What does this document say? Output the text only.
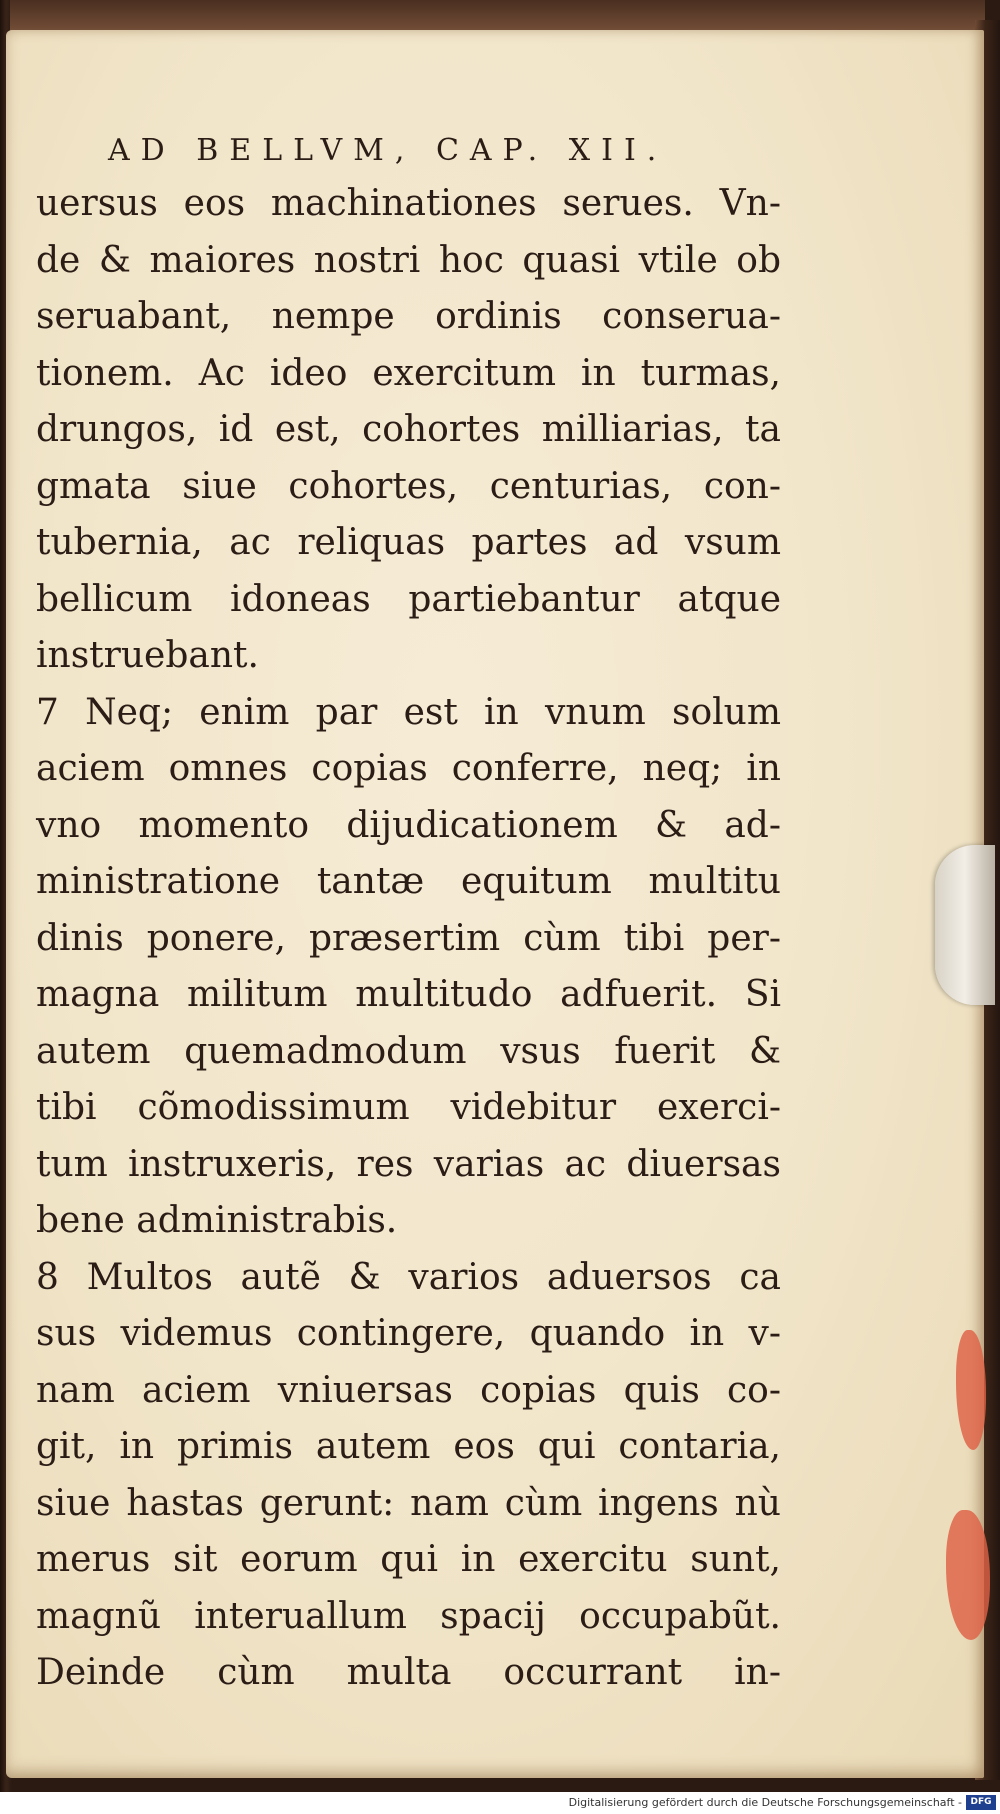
AD BELLVM, CAP. XII.
uersus eos machinationes serues. Vn-
de & maiores nostri hoc quasi vtile ob
seruabant, nempe ordinis conserua-
tionem. Ac ideo exercitum in turmas,
drungos, id est, cohortes milliarias, ta
gmata siue cohortes, centurias, con-
tubernia, ac reliquas partes ad vsum
bellicum idoneas partiebantur atque
instruebant.
7 Neq; enim par est in vnum solum
aciem omnes copias conferre, neq; in
vno momento dijudicationem & ad-
ministratione tantæ equitum multitu
dinis ponere, præsertim cùm tibi per-
magna militum multitudo adfuerit. Si
autem quemadmodum vsus fuerit &
tibi cõmodissimum videbitur exerci-
tum instruxeris, res varias ac diuersas
bene administrabis.
8 Multos autẽ & varios aduersos ca
sus videmus contingere, quando in v-
nam aciem vniuersas copias quis co-
git, in primis autem eos qui contaria,
siue hastas gerunt: nam cùm ingens nù
merus sit eorum qui in exercitu sunt,
magnũ interuallum spacij occupabũt.
Deinde cùm multa occurrant in-
Digitalisierung gefördert durch die Deutsche Forschungsgemeinschaft - DFG
